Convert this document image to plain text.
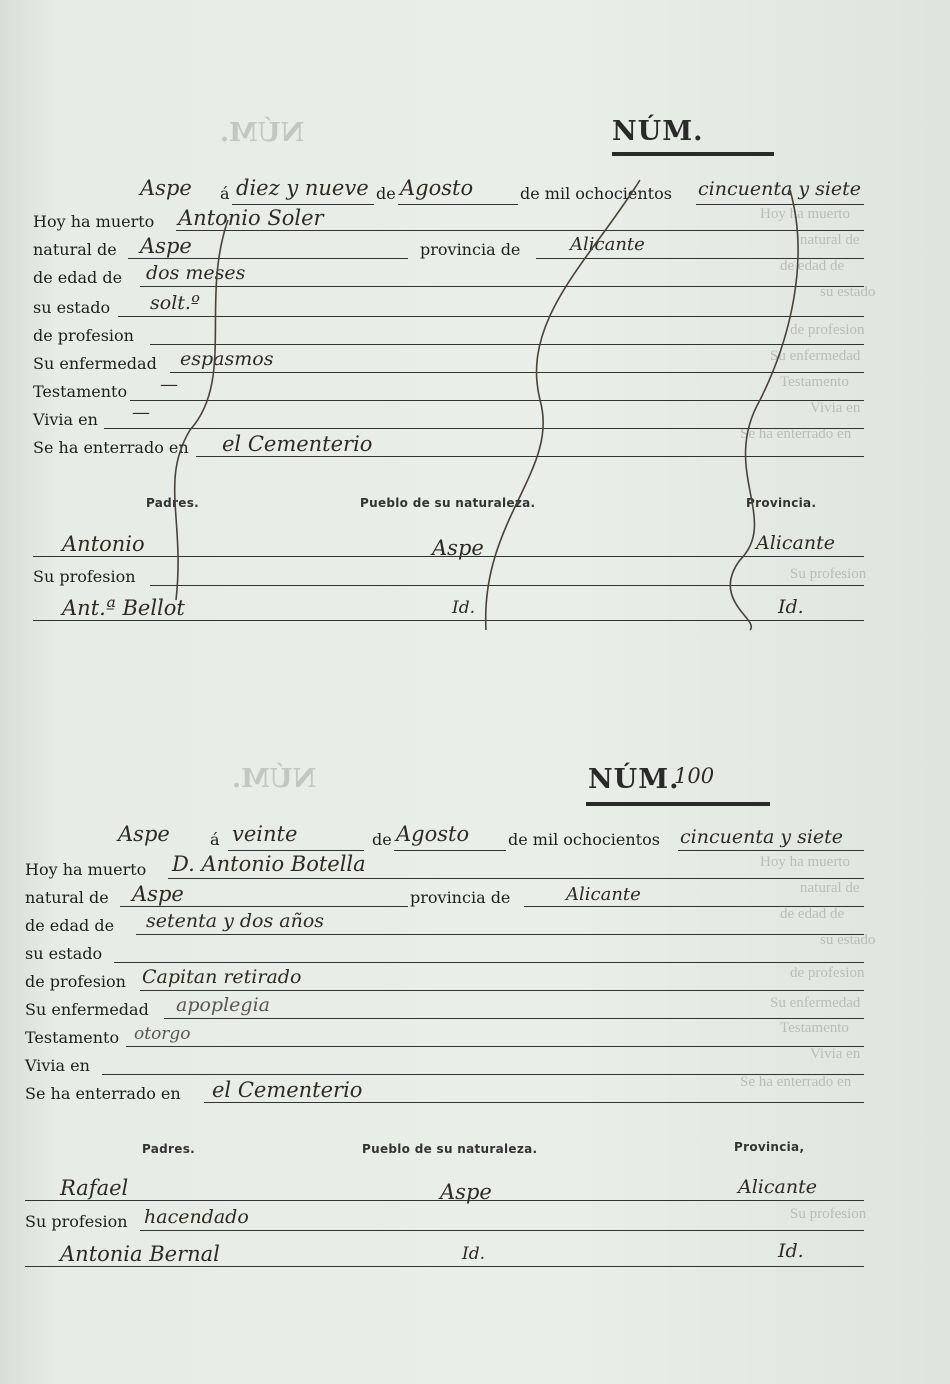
Hoy ha muerto
natural de
de edad de
su estado
de profesion
Su enfermedad
Testamento
Vivia en
Se ha enterrado en
Su profesion
Hoy ha muerto
natural de
de edad de
su estado
de profesion
Su enfermedad
Testamento
Vivia en
Se ha enterrado en
Su profesion
NÚM.	NÚM.
Aspe á diez y nueve de Agosto	de mil ochocientos cincuenta y siete
Hoy ha muerto Antonio Soler
natural de Aspe	provincia de	Alicante
de edad de dos meses
su estado solt.º
de profesion
Su enfermedad espasmos
Testamento —
Vivia en —
Se ha enterrado en el Cementerio
Padres.	Pueblo de su naturaleza.	Provincia.
Antonio	Aspe	Alicante
Su profesion
Ant.ª Bellot	Id.	Id.
NÚM.	NÚM.
100
Aspe	á veinte	de Agosto de mil ochocientos cincuenta y siete
Hoy ha muerto D. Antonio Botella
natural de Aspe	provincia de	Alicante
de edad de setenta y dos años
su estado
de profesion Capitan retirado
Su enfermedad apoplegia
Testamento otorgo
Vivia en
Se ha enterrado en el Cementerio
Padres.	Pueblo de su naturaleza.	Provincia,
Rafael	Aspe	Alicante
Su profesion hacendado
Antonia Bernal	Id.	Id.
